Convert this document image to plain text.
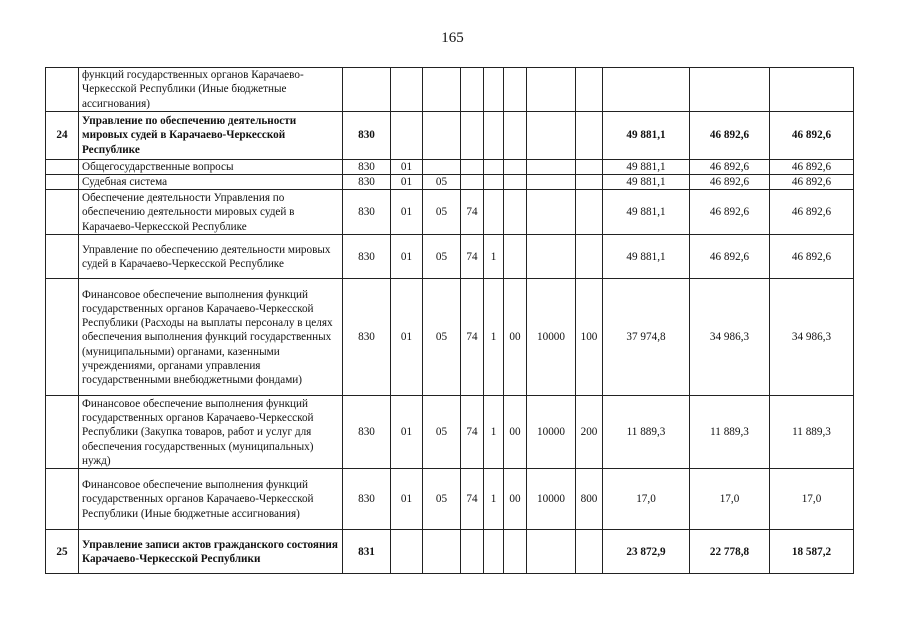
165
	функций государственных органов Карачаево-Черкесской Республики (Иные бюджетные ассигнования)											
24	Управление по обеспечению деятельности мировых судей в Карачаево-Черкесской Республике	830								49 881,1	46 892,6	46 892,6
	Общегосударственные вопросы	830	01							49 881,1	46 892,6	46 892,6
	Судебная система	830	01	05						49 881,1	46 892,6	46 892,6
	Обеспечение деятельности Управления по обеспечению деятельности мировых судей в Карачаево-Черкесской Республике	830	01	05	74					49 881,1	46 892,6	46 892,6
	Управление по обеспечению деятельности мировых судей в Карачаево-Черкесской Республике	830	01	05	74	1				49 881,1	46 892,6	46 892,6
	Финансовое обеспечение выполнения функций государственных органов Карачаево-Черкесской Республики (Расходы на выплаты персоналу в целях обеспечения выполнения функций государственных (муниципальными) органами, казенными учреждениями, органами управления государственными внебюджетными фондами)	830	01	05	74	1	00	10000	100	37 974,8	34 986,3	34 986,3
	Финансовое обеспечение выполнения функций государственных органов Карачаево-Черкесской Республики (Закупка товаров, работ и услуг для обеспечения государственных (муниципальных) нужд)	830	01	05	74	1	00	10000	200	11 889,3	11 889,3	11 889,3
	Финансовое обеспечение выполнения функций государственных органов Карачаево-Черкесской Республики (Иные бюджетные ассигнования)	830	01	05	74	1	00	10000	800	17,0	17,0	17,0
25	Управление записи актов гражданского состояния Карачаево-Черкесской Республики	831								23 872,9	22 778,8	18 587,2
